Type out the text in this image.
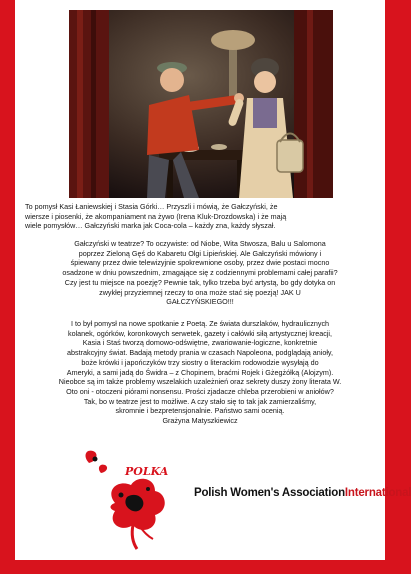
To pomysł Kasi Łaniewskiej i Stasia Górki… Przyszli i mówią, że Gałczyński, że
wiersze i piosenki, że akompaniament na żywo (Irena Kluk-Drozdowska) i że mają
wiele pomysłów… Gałczyński marka jak Coca-cola – każdy zna, każdy słyszał.
Gałczyński w teatrze? To oczywiste: od Niobe, Wita Stwosza, Balu u Salomona
poprzez Zieloną Gęś do Kabaretu Olgi Lipieńskiej. Ale Gałczyński mówiony i
śpiewany przez dwie telewizyjnie spokrewnione osoby, przez dwie postaci mocno
osadzone w dniu powszednim, zmagające się z codziennymi problemami całej parafii?
Czy jest tu miejsce na poezję? Pewnie tak, tylko trzeba być artystą, bo gdy dotyka on
zwykłej przyziemnej rzeczy to ona może stać się poezją! JAK U
GAŁCZYŃSKIEGO!!!
I to był pomysł na nowe spotkanie z Poetą. Ze świata durszlaków, hydraulicznych
kolanek, ogórków, koronkowych serwetek, gazety i całówki siłą artystycznej kreacji,
Kasia i Staś tworzą domowo-odświętne, zwariowanie-logiczne, konkretnie
abstrakcyjny świat. Badają metody prania w czasach Napoleona, podglądają anioły,
boże krówki i japończyków trzy siostry o literackim rodowodzie wysyłają do
Ameryki, a sami jadą do Świdra – z Chopinem, braćmi Rojek i Gżegżółką (Alojzym).
Nieobce są im także problemy wszelakich uzależnień oraz sekrety duszy żony literata W.
Oto oni - otoczeni piórami nonsensu. Prości zjadacze chleba przerobieni w aniołów?
Tak, bo w teatrze jest to możliwe. A czy stało się to tak jak zamierzaliśmy,
skromnie i bezpretensjonalnie. Państwo sami ocenią.
Grażyna Matyszkiewicz
POLKA
Polish Women's AssociationInternational
